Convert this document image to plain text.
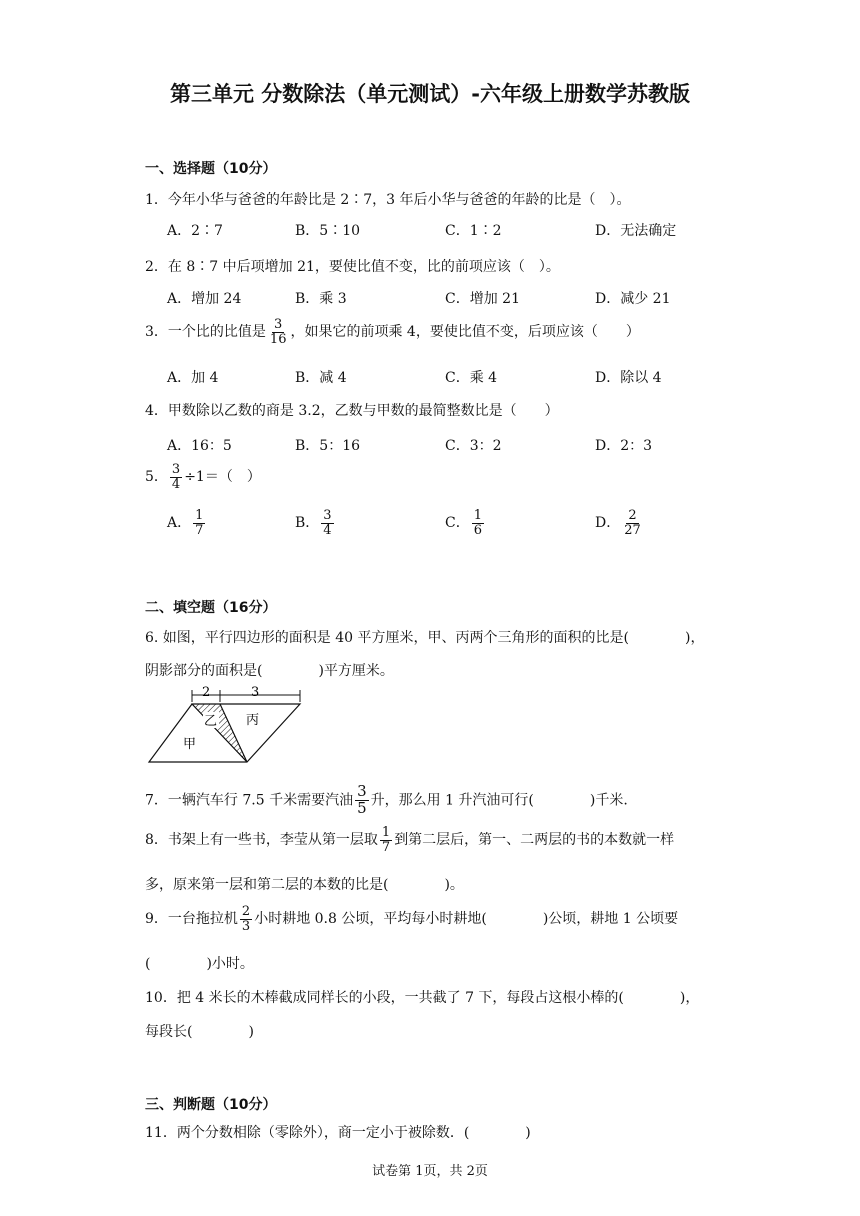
第三单元 分数除法（单元测试）-六年级上册数学苏教版
一、选择题（10分）
1．今年小华与爸爸的年龄比是 2∶7，3 年后小华与爸爸的年龄的比是（　）。
A．2∶7	B．5∶10	C．1∶2	D．无法确定
2．在 8∶7 中后项增加 21，要使比值不变，比的前项应该（　）。
A．增加 24	B．乘 3	C．增加 21	D．减少 21
3．一个比的比值是 $\frac{3}{16}$ ，如果它的前项乘 4，要使比值不变，后项应该（　　）
A．加 4	B．减 4	C．乘 4	D．除以 4
4．甲数除以乙数的商是 3.2，乙数与甲数的最简整数比是（　　）
A．16：5	B．5：16	C．3：2	D．2：3
5． $\frac{3}{4} \div 1=$（　）
A． $\frac{1}{7}$	B． $\frac{3}{4}$	C． $\frac{1}{6}$	D． $\frac{2}{27}$
二、填空题（16分）
6. 如图，平行四边形的面积是 40 平方厘米，甲、丙两个三角形的面积的比是(　　　　)，
阴影部分的面积是(　　　　)平方厘米。
2	3
乙 丙
甲
7．一辆汽车行 7.5 千米需要汽油 $\frac{3}{5}$ 升，那么用 1 升汽油可行(　　　　)千米.
8．书架上有一些书，李莹从第一层取 $\frac{1}{7}$ 到第二层后，第一、二两层的书的本数就一样
多，原来第一层和第二层的本数的比是(　　　　)。
9．一台拖拉机 $\frac{2}{3}$ 小时耕地 0.8 公顷，平均每小时耕地(　　　　)公顷，耕地 1 公顷要
(　　　　)小时。
10．把 4 米长的木棒截成同样长的小段，一共截了 7 下，每段占这根小棒的(　　　　)，
每段长(　　　　)
三、判断题（10分）
11．两个分数相除（零除外），商一定小于被除数．(　　　　)
试卷第 1页，共 2页
